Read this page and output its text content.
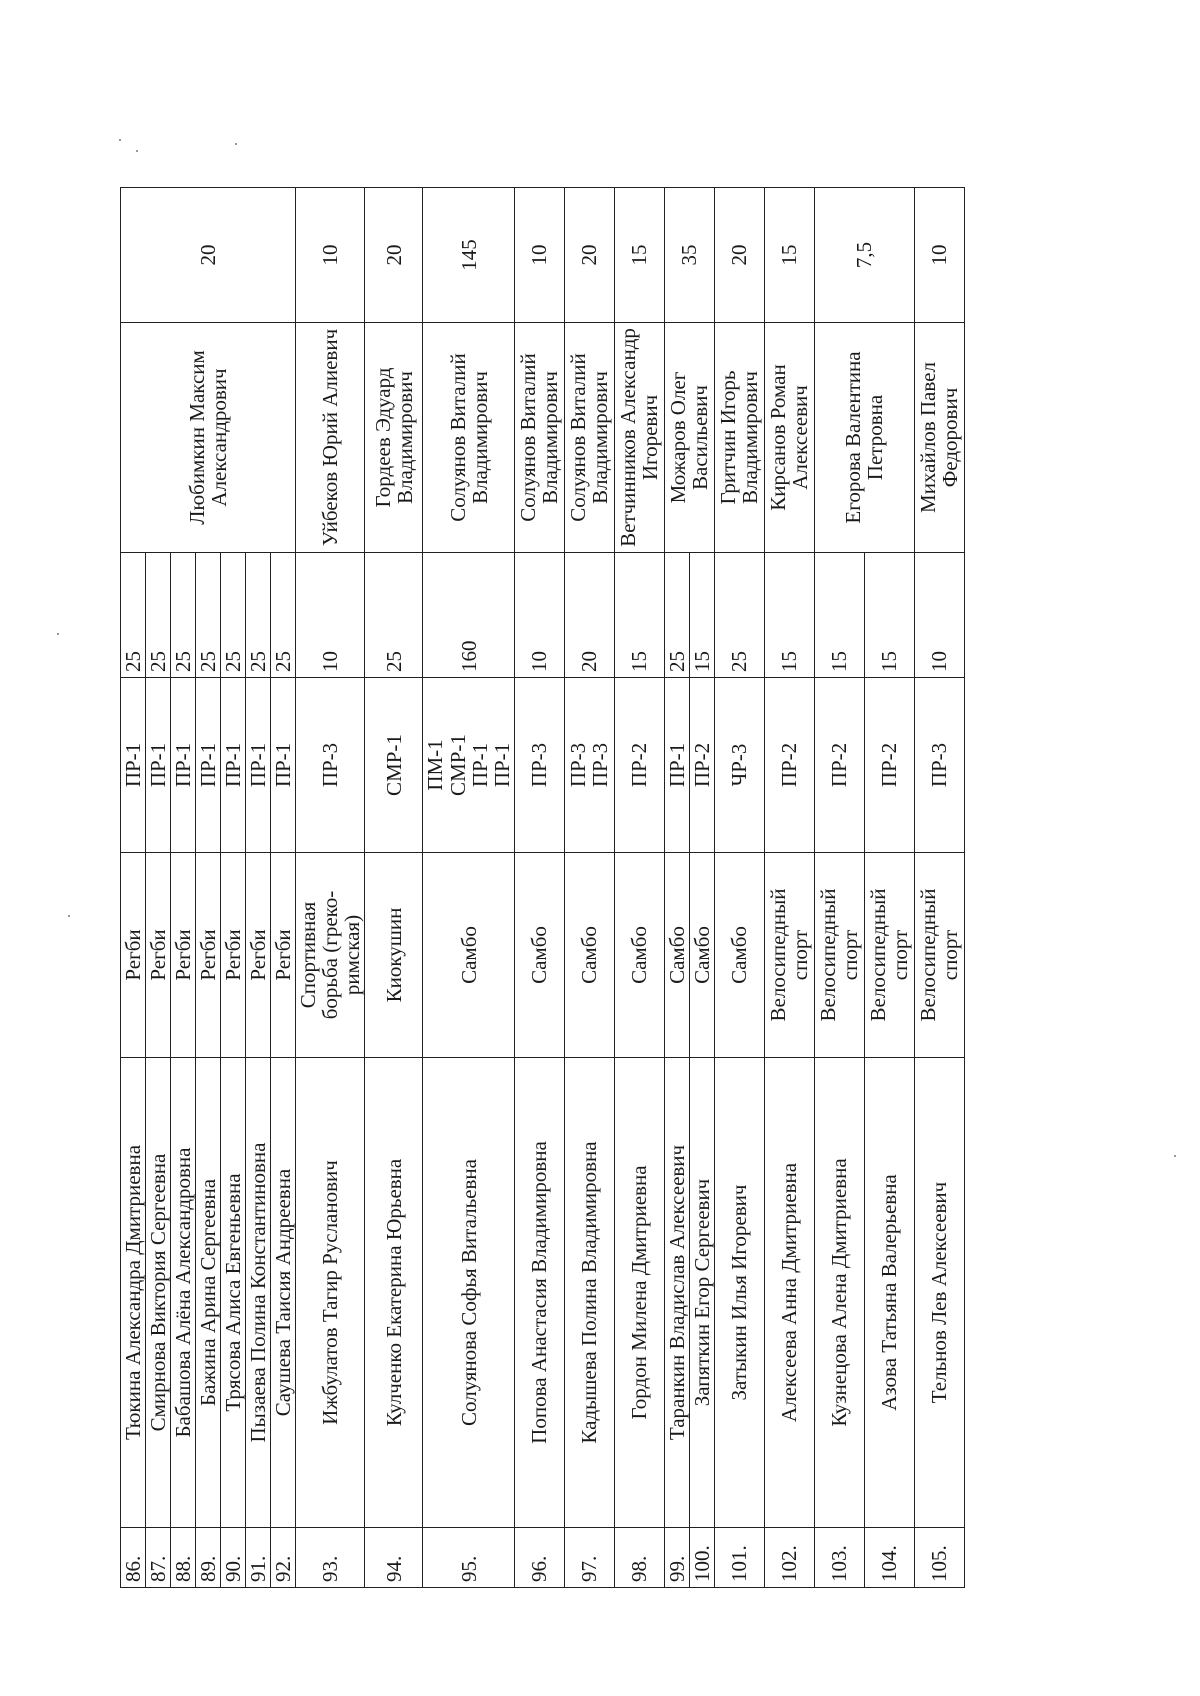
86.	Тюкина Александра Дмитриевна	Регби	ПР-1	25	Любимкин Максим
Александрович	20
87.	Смирнова Виктория Сергеевна	Регби	ПР-1	25		
88.	Бабашова Алёна Александровна	Регби	ПР-1	25		
89.	Бажина Арина Сергеевна	Регби	ПР-1	25		
90.	Трясова Алиса Евгеньевна	Регби	ПР-1	25		
91.	Пызаева Полина Константиновна	Регби	ПР-1	25		
92.	Саушева Таисия Андреевна	Регби	ПР-1	25		
93.	Ижбулатов Тагир Русланович	Спортивная
борьба (греко-
римская)	ПР-3	10	Уйбеков Юрий Алиевич	10
94.	Кулченко Екатерина Юрьевна	Киокушин	СМР-1	25	Гордеев Эдуард
Владимирович	20
95.	Солуянова Софья Витальевна	Самбо	ПМ-1
СМР-1
ПР-1
ПР-1	160	Солуянов Виталий
Владимирович	145
96.	Попова Анастасия Владимировна	Самбо	ПР-3	10	Солуянов Виталий
Владимирович	10
97.	Кадышева Полина Владимировна	Самбо	ПР-3
ПР-3	20	Солуянов Виталий
Владимирович	20
98.	Гордон Милена Дмитриевна	Самбо	ПР-2	15	Ветчинников Александр
Игоревич	15
99.	Таранкин Владислав Алексеевич	Самбо	ПР-1	25	Можаров Олег
Васильевич	35
100.	Запяткин Егор Сергеевич	Самбо	ПР-2	15		
101.	Затыкин Илья Игоревич	Самбо	ЧР-3	25	Гритчин Игорь
Владимирович	20
102.	Алексеева Анна Дмитриевна	Велосипедный
спорт	ПР-2	15	Кирсанов Роман
Алексеевич	15
103.	Кузнецова Алена Дмитриевна	Велосипедный
спорт	ПР-2	15	Егорова Валентина
Петровна	7,5
104.	Азова Татьяна Валерьевна	Велосипедный
спорт	ПР-2	15		
105.	Тельнов Лев Алексеевич	Велосипедный
спорт	ПР-3	10	Михайлов Павел
Федорович	10
